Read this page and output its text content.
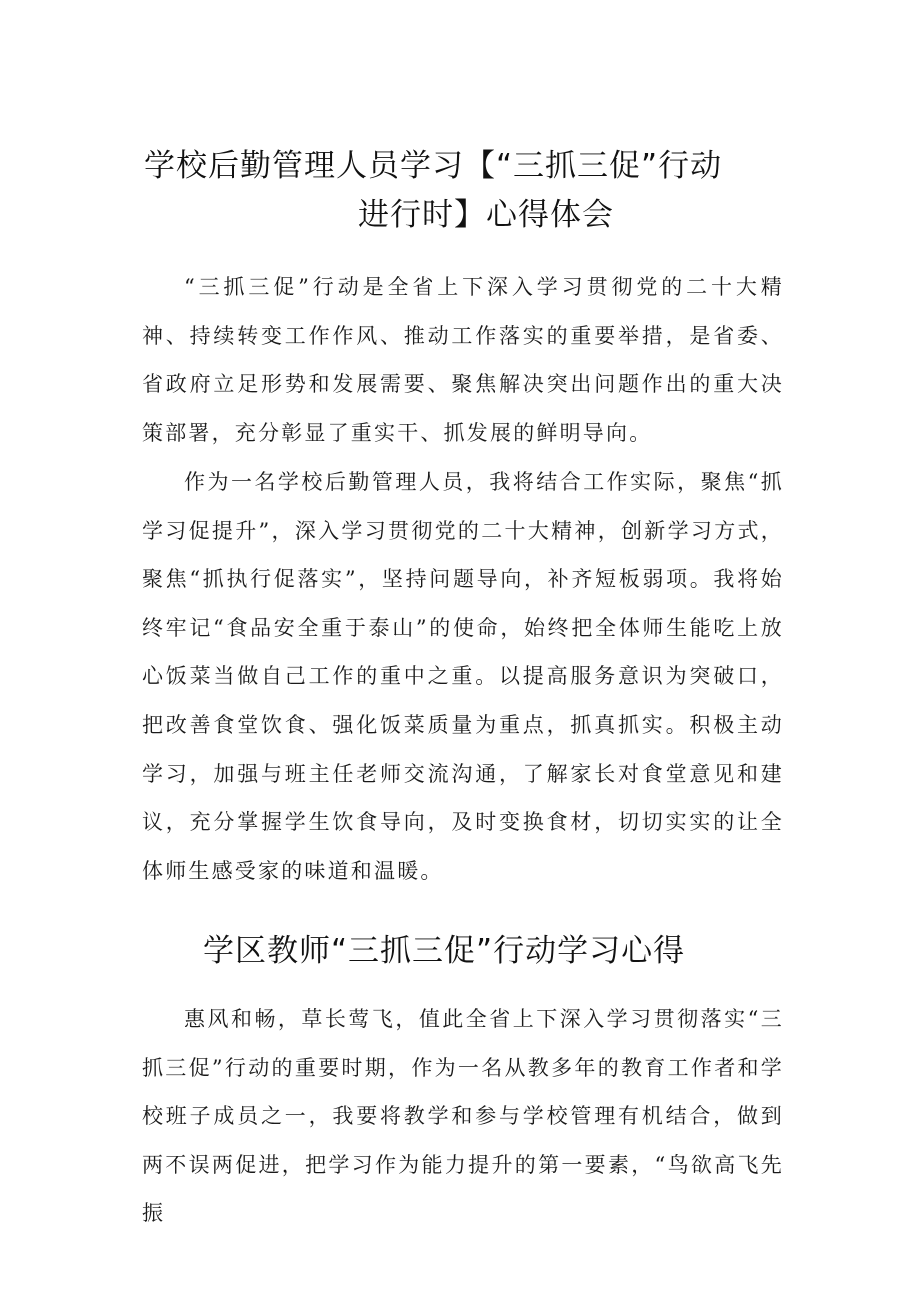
学校后勤管理人员学习【“三抓三促”行动
进行时】心得体会

“三抓三促”行动是全省上下深入学习贯彻党的二十大精神、持续转变工作作风、推动工作落实的重要举措，是省委、省政府立足形势和发展需要、聚焦解决突出问题作出的重大决策部署，充分彰显了重实干、抓发展的鲜明导向。

作为一名学校后勤管理人员，我将结合工作实际，聚焦“抓学习促提升”，深入学习贯彻党的二十大精神，创新学习方式，聚焦“抓执行促落实”，坚持问题导向，补齐短板弱项。我将始终牢记“食品安全重于泰山”的使命，始终把全体师生能吃上放心饭菜当做自己工作的重中之重。以提高服务意识为突破口，把改善食堂饮食、强化饭菜质量为重点，抓真抓实。积极主动学习，加强与班主任老师交流沟通，了解家长对食堂意见和建议，充分掌握学生饮食导向，及时变换食材，切切实实的让全体师生感受家的味道和温暖。

学区教师“三抓三促”行动学习心得

惠风和畅，草长莺飞，值此全省上下深入学习贯彻落实“三抓三促”行动的重要时期，作为一名从教多年的教育工作者和学校班子成员之一，我要将教学和参与学校管理有机结合，做到两不误两促进，把学习作为能力提升的第一要素，“鸟欲高飞先振
